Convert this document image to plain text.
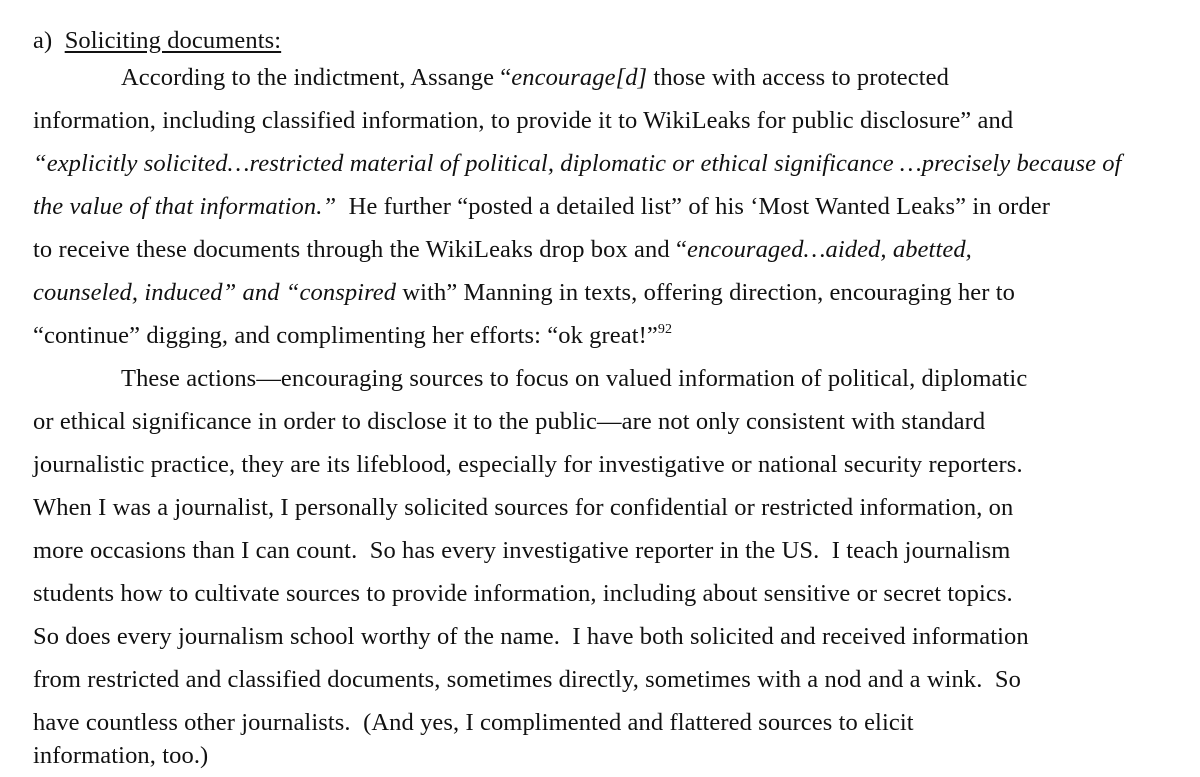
a) Soliciting documents:
According to the indictment, Assange “encourage[d] those with access to protected
information, including classified information, to provide it to WikiLeaks for public disclosure” and
“explicitly solicited…restricted material of political, diplomatic or ethical significance …precisely because of
the value of that information.”  He further “posted a detailed list” of his ‘Most Wanted Leaks” in order
to receive these documents through the WikiLeaks drop box and “encouraged…aided, abetted,
counseled, induced” and “conspired with” Manning in texts, offering direction, encouraging her to
“continue” digging, and complimenting her efforts: “ok great!”$^{92}$
These actions—encouraging sources to focus on valued information of political, diplomatic
or ethical significance in order to disclose it to the public—are not only consistent with standard
journalistic practice, they are its lifeblood, especially for investigative or national security reporters.
When I was a journalist, I personally solicited sources for confidential or restricted information, on
more occasions than I can count.  So has every investigative reporter in the US.  I teach journalism
students how to cultivate sources to provide information, including about sensitive or secret topics.
So does every journalism school worthy of the name.  I have both solicited and received information
from restricted and classified documents, sometimes directly, sometimes with a nod and a wink.  So
have countless other journalists.  (And yes, I complimented and flattered sources to elicit
information, too.)
